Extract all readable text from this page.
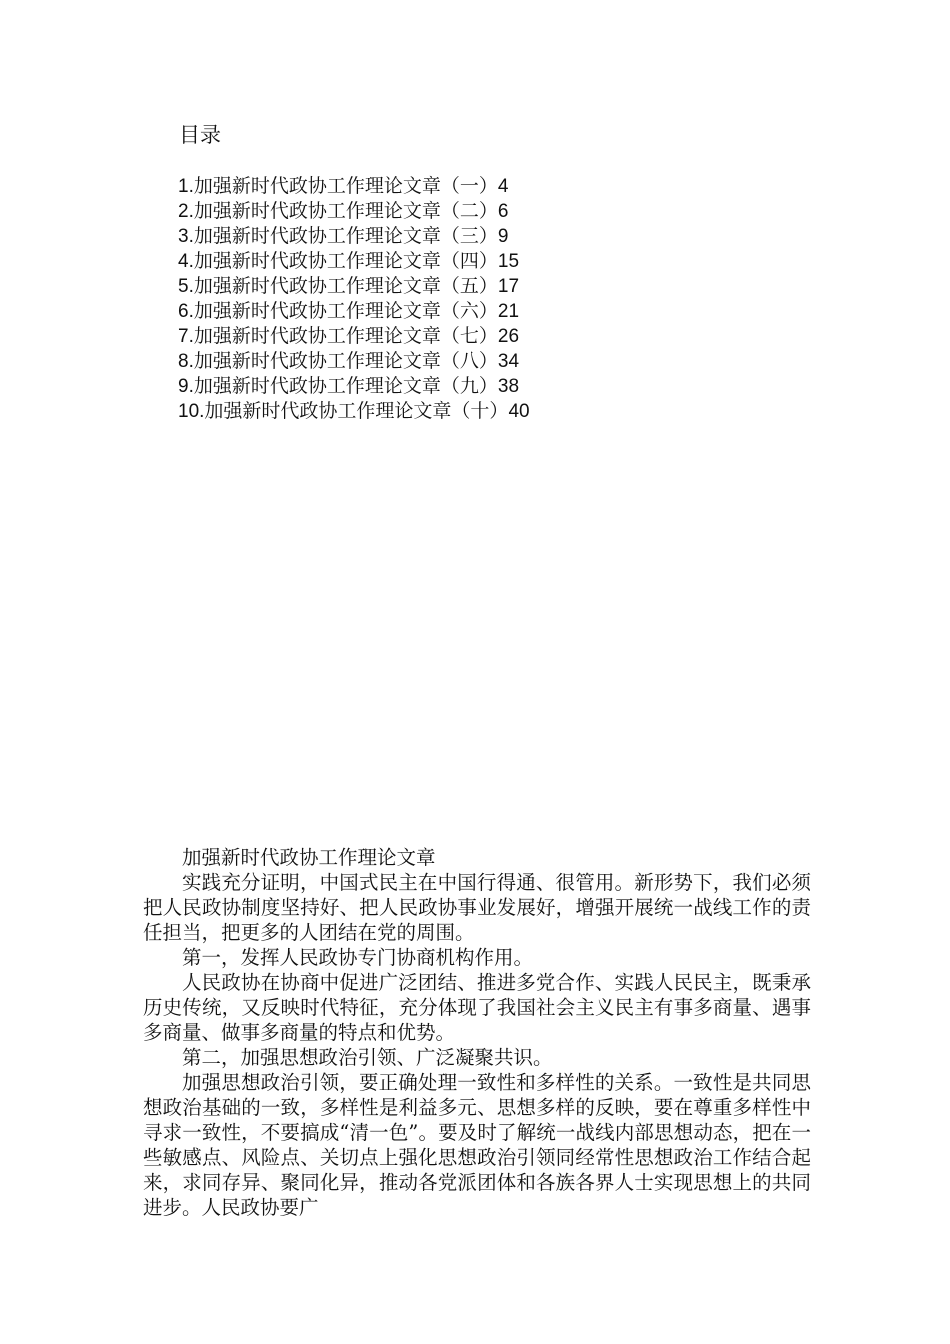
目录
1.加强新时代政协工作理论文章（一）4
2.加强新时代政协工作理论文章（二）6
3.加强新时代政协工作理论文章（三）9
4.加强新时代政协工作理论文章（四）15
5.加强新时代政协工作理论文章（五）17
6.加强新时代政协工作理论文章（六）21
7.加强新时代政协工作理论文章（七）26
8.加强新时代政协工作理论文章（八）34
9.加强新时代政协工作理论文章（九）38
10.加强新时代政协工作理论文章（十）40

加强新时代政协工作理论文章

实践充分证明，中国式民主在中国行得通、很管用。新形势下，我们必须把人民政协制度坚持好、把人民政协事业发展好，增强开展统一战线工作的责任担当，把更多的人团结在党的周围。

第一，发挥人民政协专门协商机构作用。

人民政协在协商中促进广泛团结、推进多党合作、实践人民民主，既秉承历史传统，又反映时代特征，充分体现了我国社会主义民主有事多商量、遇事多商量、做事多商量的特点和优势。

第二，加强思想政治引领、广泛凝聚共识。

加强思想政治引领，要正确处理一致性和多样性的关系。一致性是共同思想政治基础的一致，多样性是利益多元、思想多样的反映，要在尊重多样性中寻求一致性，不要搞成“清一色”。要及时了解统一战线内部思想动态，把在一些敏感点、风险点、关切点上强化思想政治引领同经常性思想政治工作结合起来，求同存异、聚同化异，推动各党派团体和各族各界人士实现思想上的共同进步。人民政协要广
